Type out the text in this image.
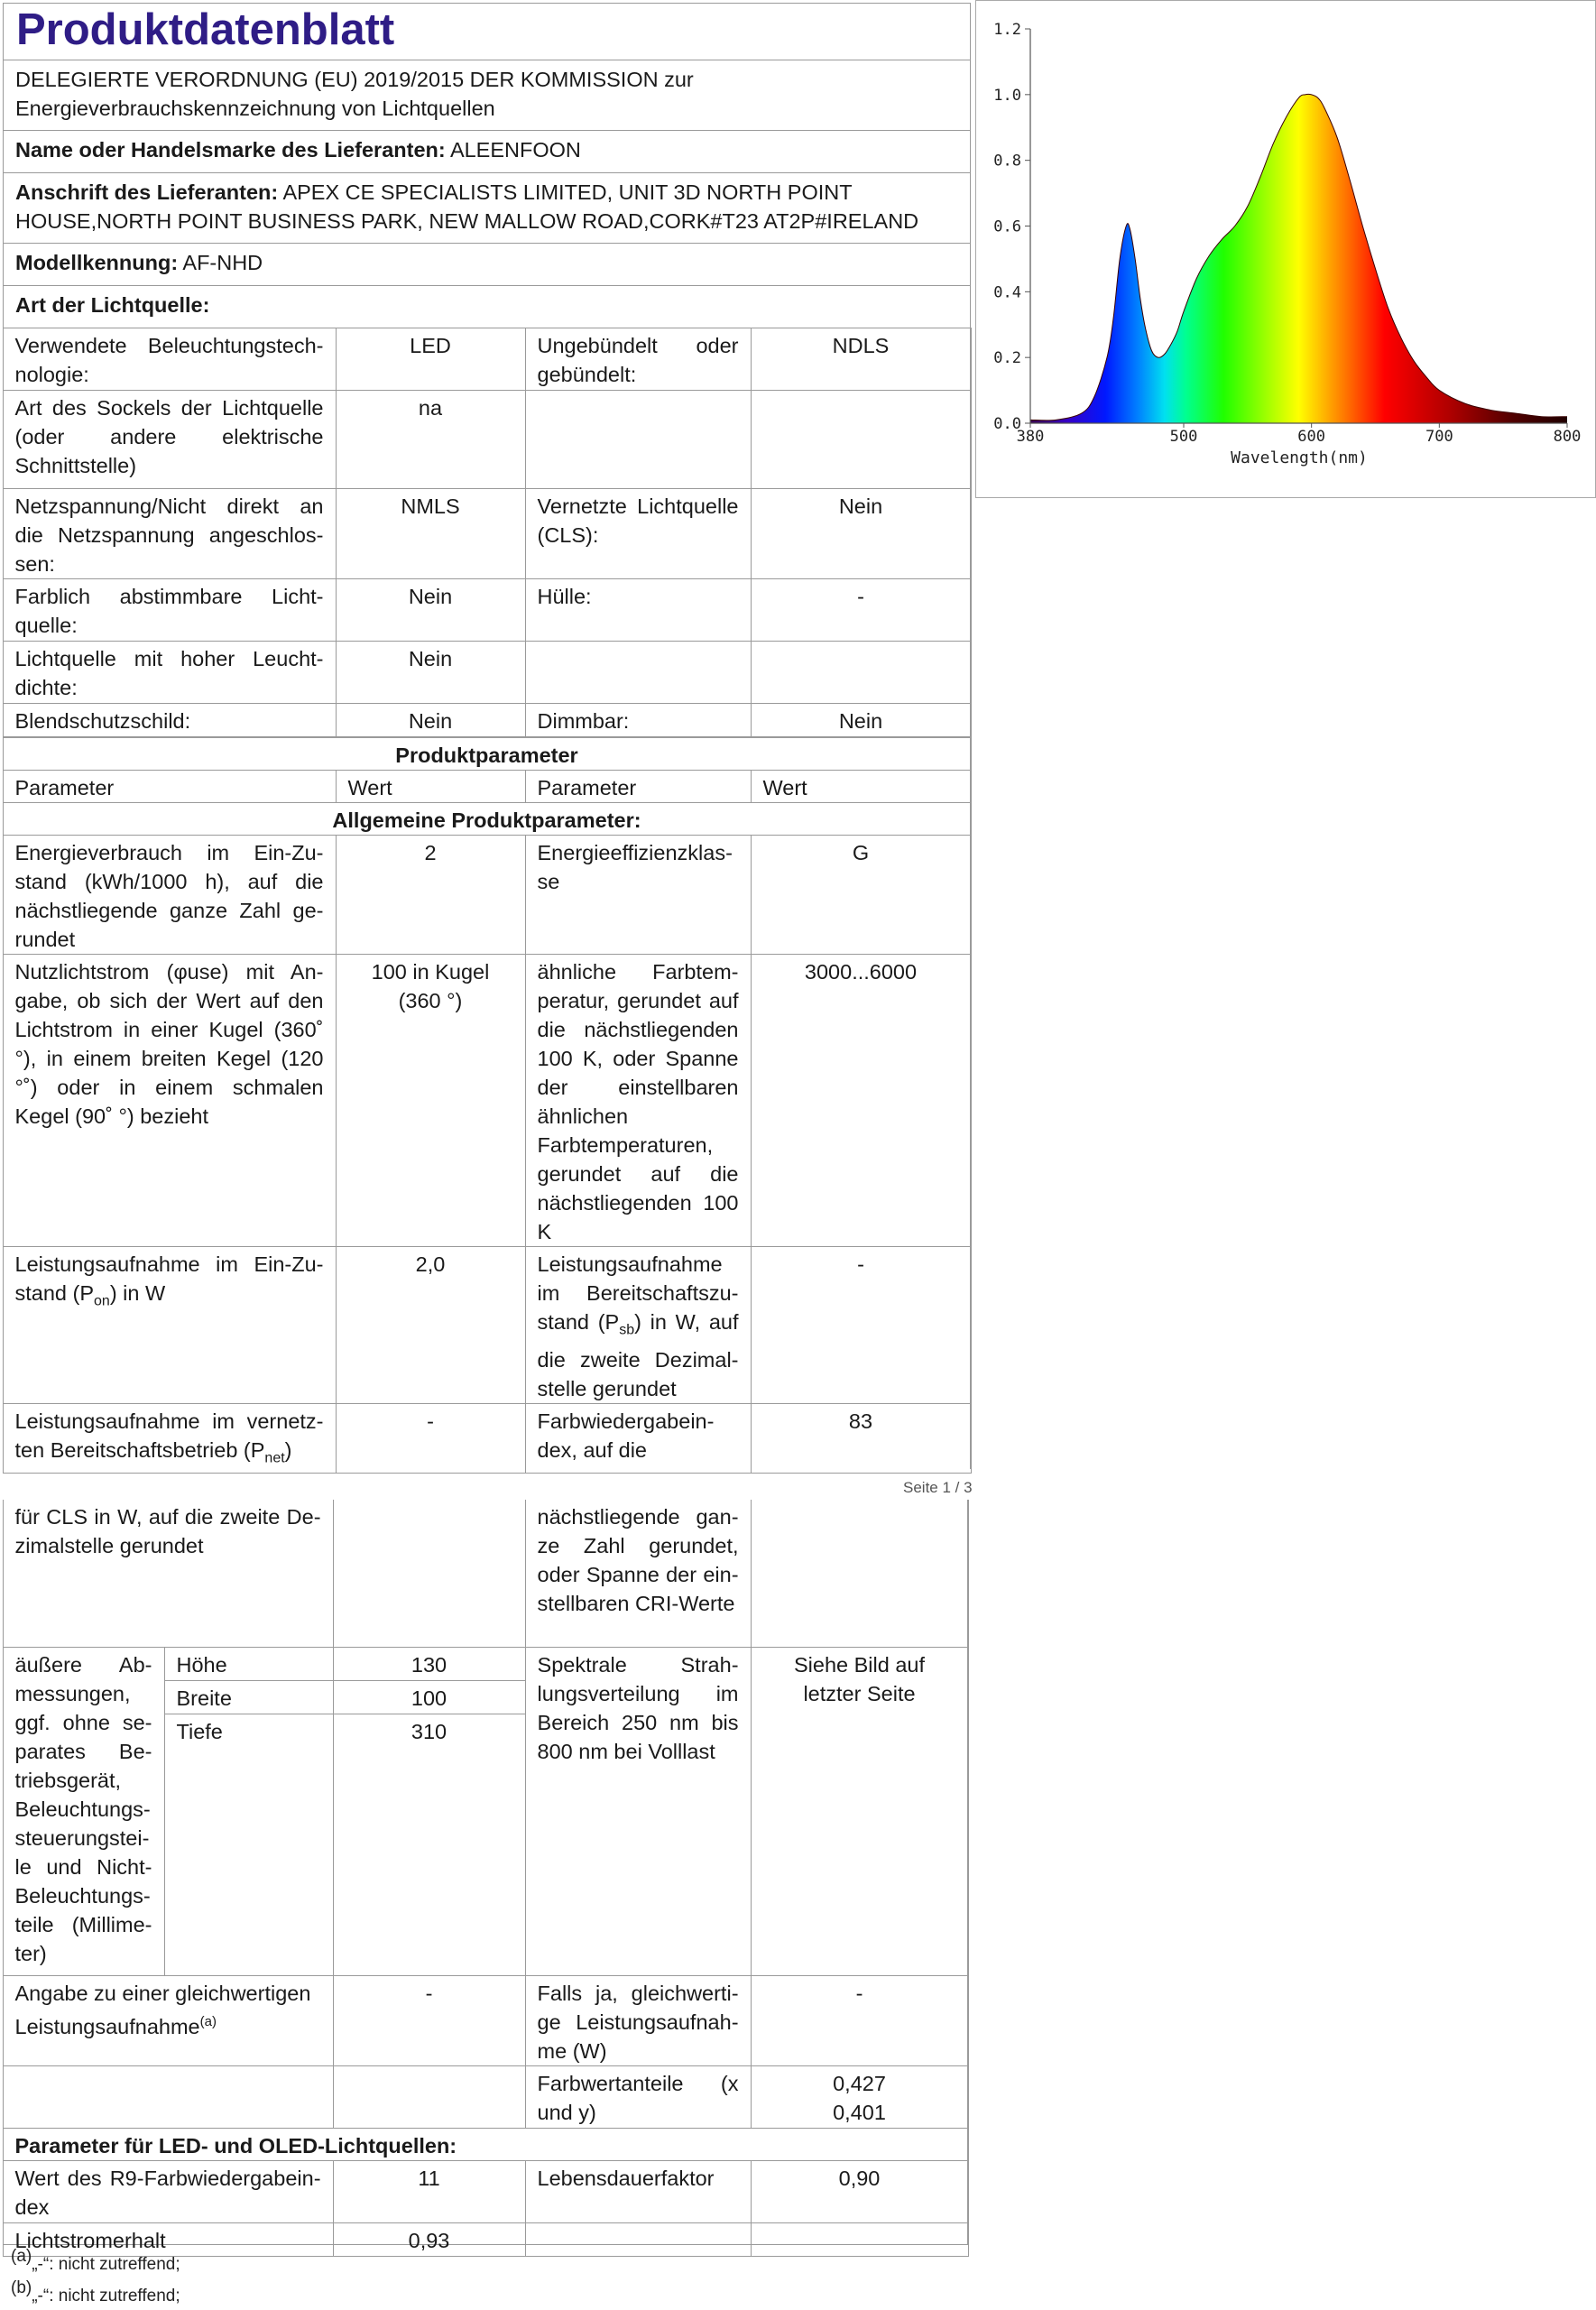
Produktdatenblatt
DELEGIERTE VERORDNUNG (EU) 2019/2015 DER KOMMISSION zur Energieverbrauchskennzeichnung von Lichtquellen
Name oder Handelsmarke des Lieferanten: ALEENFOON
Anschrift des Lieferanten: APEX CE SPECIALISTS LIMITED, UNIT 3D NORTH POINT HOUSE,NORTH POINT BUSINESS PARK, NEW MALLOW ROAD,CORK#T23 AT2P#IRELAND
Modellkennung: AF-NHD
Art der Lichtquelle:
Verwendete Beleuchtungstechnologie:	LED	Ungebündelt oder gebündelt:	NDLS
Art des Sockels der Lichtquelle (oder andere elektrische Schnittstelle)	na		
Netzspannung/Nicht direkt an die Netzspannung angeschlossen:	NMLS	Vernetzte Lichtquelle (CLS):	Nein
Farblich abstimmbare Lichtquelle:	Nein	Hülle:	-
Lichtquelle mit hoher Leuchtdichte:	Nein		
Blendschutzschild:	Nein	Dimmbar:	Nein
Produktparameter			
Parameter	Wert	Parameter	Wert
Allgemeine Produktparameter:			
Energieverbrauch im Ein-Zustand (kWh/1000 h), auf die nächstliegende ganze Zahl gerundet	2	Energieeffizienzklasse	G
Nutzlichtstrom (φuse) mit Angabe, ob sich der Wert auf den Lichtstrom in einer Kugel (360˚ °), in einem breiten Kegel (120 °˚) oder in einem schmalen Kegel (90˚ °) bezieht	100 in Kugel (360 °)	ähnliche Farbtemperatur, gerundet auf die nächstliegenden 100 K, oder Spanne der einstellbaren ähnlichen Farbtemperaturen, gerundet auf die nächstliegenden 100 K	3000...6000
Leistungsaufnahme im Ein-Zustand $(P_{on})$ in W	2,0	Leistungsaufnahme im Bereitschaftszustand $(P_{sb})$ in W, auf die zweite Dezimalstelle gerundet	-
Leistungsaufnahme im vernetzten Bereitschaftsbetrieb $(P_{net})$	-	Farbwiedergabeindex, auf die	83
Seite 1 / 3
für CLS in W, auf die zweite Dezimalstelle gerundet			nächstliegende ganze Zahl gerundet, oder Spanne der einstellbaren CRI-Werte	
äußere Abmessungen, ggf. ohne separates Betriebsgerät, Beleuchtungssteuerungsteile und Nicht-Beleuchtungsteile (Millimeter)	Höhe	130	Spektrale Strahlungsverteilung im Bereich 250 nm bis 800 nm bei Volllast	Siehe Bild auf letzter Seite
	Breite	100		
	Tiefe	310		
Angabe zu einer gleichwertigen Leistungsaufnahme$^{(a)}$		-	Falls ja, gleichwertige Leistungsaufnahme (W)	-
			Farbwertanteile (x und y)	0,427
0,401

Parameter für LED- und OLED-Lichtquellen:				
Wert des R9-Farbwiedergabeindex		11	Lebensdauerfaktor	0,90
Lichtstromerhalt		0,93		
$^{(a)}$„-“: nicht zutreffend;
$^{(b)}$„-“: nicht zutreffend;
0.0
0.2
0.4
0.6
0.8
1.0
1.2
380	500	600	700	800
Wavelength(nm)
